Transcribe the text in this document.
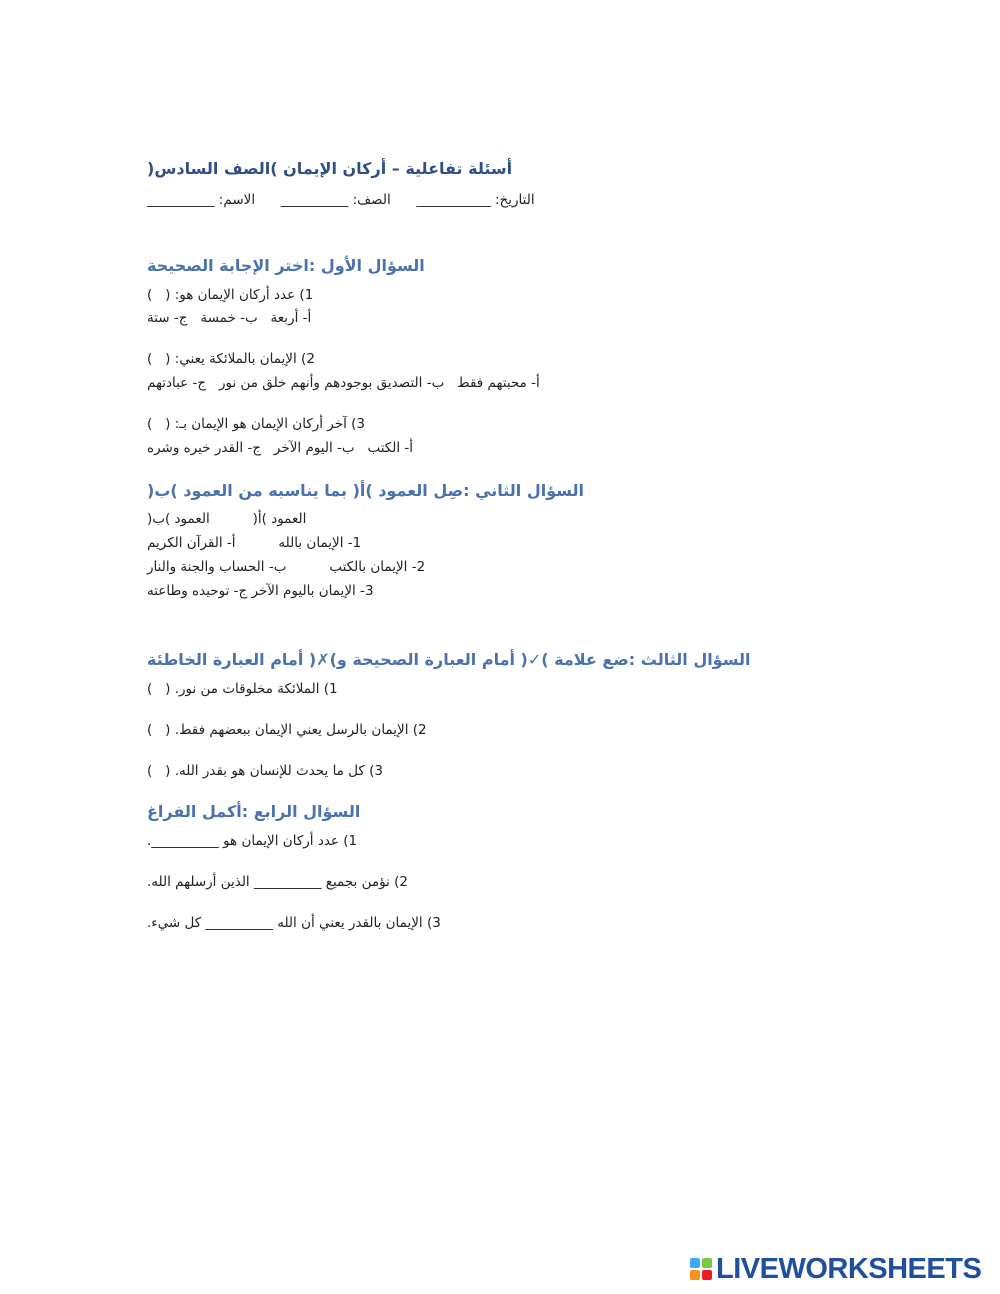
أسئلة تفاعلية – أركان الإيمان )الصف السادس(
التاريخ: ___________      الصف: __________      الاسم: __________
السؤال الأول :اختر الإجابة الصحيحة
1) عدد أركان الإيمان هو: (   )
أ- أربعة   ب- خمسة   ج- ستة
2) الإيمان بالملائكة يعني: (   )
أ- محبتهم فقط   ب- التصديق بوجودهم وأنهم خلق من نور   ج- عبادتهم
3) آخر أركان الإيمان هو الإيمان بـ: (   )
أ- الكتب   ب- اليوم الآخر   ج- القدر خيره وشره
السؤال الثاني :صِل العمود )أ( بما يناسبه من العمود )ب(
العمود )أ(          العمود )ب(
1- الإيمان بالله          أ- القرآن الكريم
2- الإيمان بالكتب          ب- الحساب والجنة والنار
3- الإيمان باليوم الآخر ج- توحيده وطاعته
السؤال الثالث :ضع علامة )✓( أمام العبارة الصحيحة و)✗( أمام العبارة الخاطئة
1) الملائكة مخلوقات من نور. (   )
2) الإيمان بالرسل يعني الإيمان ببعضهم فقط. (   )
3) كل ما يحدث للإنسان هو بقدر الله. (   )
السؤال الرابع :أكمل الفراغ
1) عدد أركان الإيمان هو __________.
2) نؤمن بجميع __________ الذين أرسلهم الله.
3) الإيمان بالقدر يعني أن الله __________ كل شيء.
LIVEWORKSHEETS
